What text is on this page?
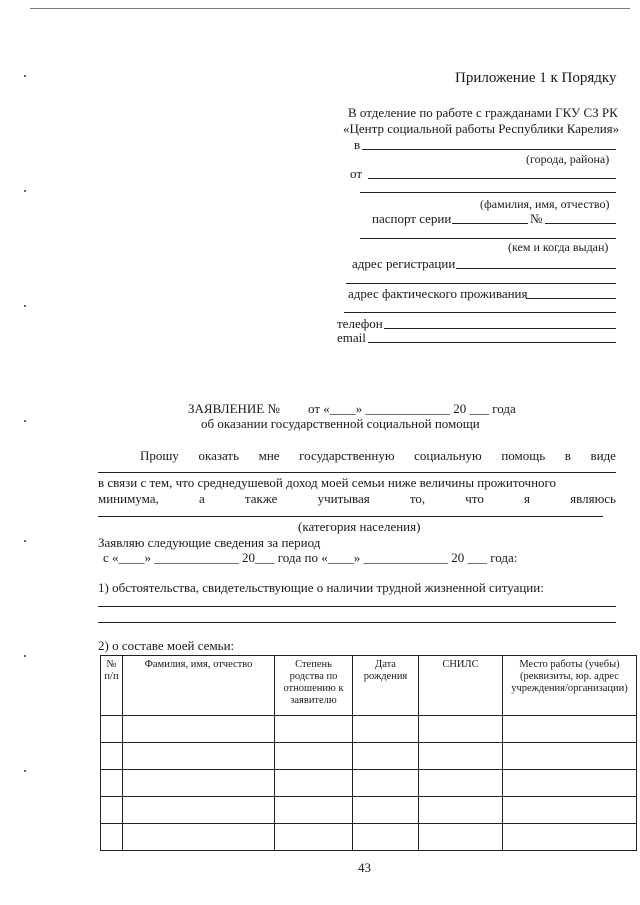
Приложение 1 к Порядку
В отделение по работе с гражданами ГКУ СЗ РК
«Центр социальной работы Республики Карелия»
в
(города, района)
от
(фамилия, имя, отчество)
паспорт серии	№
(кем и когда выдан)
адрес регистрации
адрес фактического проживания
телефон
email
ЗАЯВЛЕНИЕ № от «____» _____________ 20 ___ года
об оказании государственной социальной помощи
Прошу оказать мне государственную социальную помощь в виде
в связи с тем, что среднедушевой доход моей семьи ниже величины прожиточного
минимума,	а	также	учитывая	то,	что	я	являюсь
(категория населения)
Заявляю следующие сведения за период
с «____» _____________ 20___ года по «____» _____________ 20 ___ года:
1) обстоятельства, свидетельствующие о наличии трудной жизненной ситуации:
2) о составе моей семьи:
№ п/п	Фамилия, имя, отчество	Степень родства по отношению к заявителю	Дата рождения	СНИЛС	Место работы (учебы)(реквизиты, юр. адрес учреждения/организации)

43
